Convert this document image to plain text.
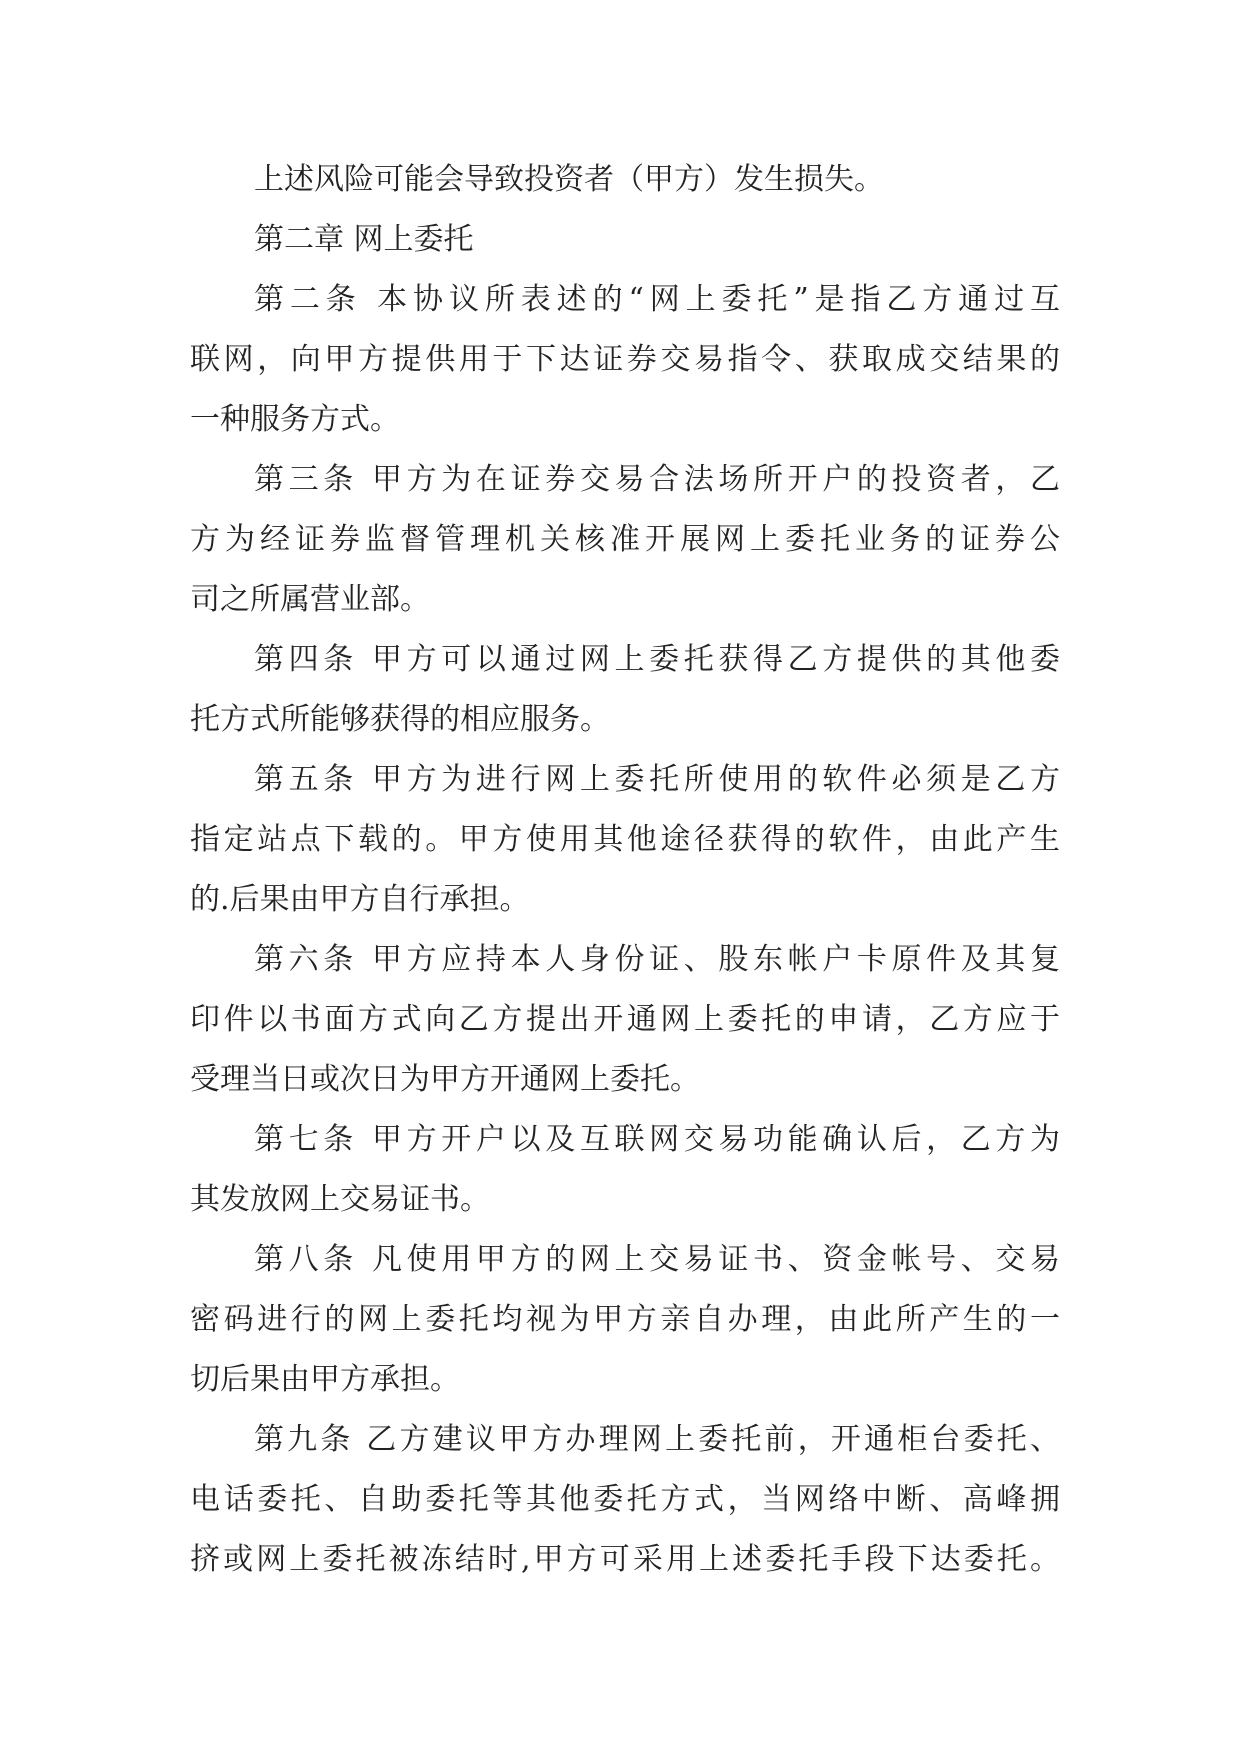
上述风险可能会导致投资者（甲方）发生损失。
第二章 网上委托
第二条 本协议所表述的“网上委托”是指乙方通过互
联网，向甲方提供用于下达证券交易指令、获取成交结果的
一种服务方式。
第三条 甲方为在证券交易合法场所开户的投资者，乙
方为经证券监督管理机关核准开展网上委托业务的证券公
司之所属营业部。
第四条 甲方可以通过网上委托获得乙方提供的其他委
托方式所能够获得的相应服务。
第五条 甲方为进行网上委托所使用的软件必须是乙方
指定站点下载的。甲方使用其他途径获得的软件，由此产生
的.后果由甲方自行承担。
第六条 甲方应持本人身份证、股东帐户卡原件及其复
印件以书面方式向乙方提出开通网上委托的申请，乙方应于
受理当日或次日为甲方开通网上委托。
第七条 甲方开户以及互联网交易功能确认后，乙方为
其发放网上交易证书。
第八条 凡使用甲方的网上交易证书、资金帐号、交易
密码进行的网上委托均视为甲方亲自办理，由此所产生的一
切后果由甲方承担。
第九条 乙方建议甲方办理网上委托前，开通柜台委托、
电话委托、自助委托等其他委托方式，当网络中断、高峰拥
挤或网上委托被冻结时,甲方可采用上述委托手段下达委托。
